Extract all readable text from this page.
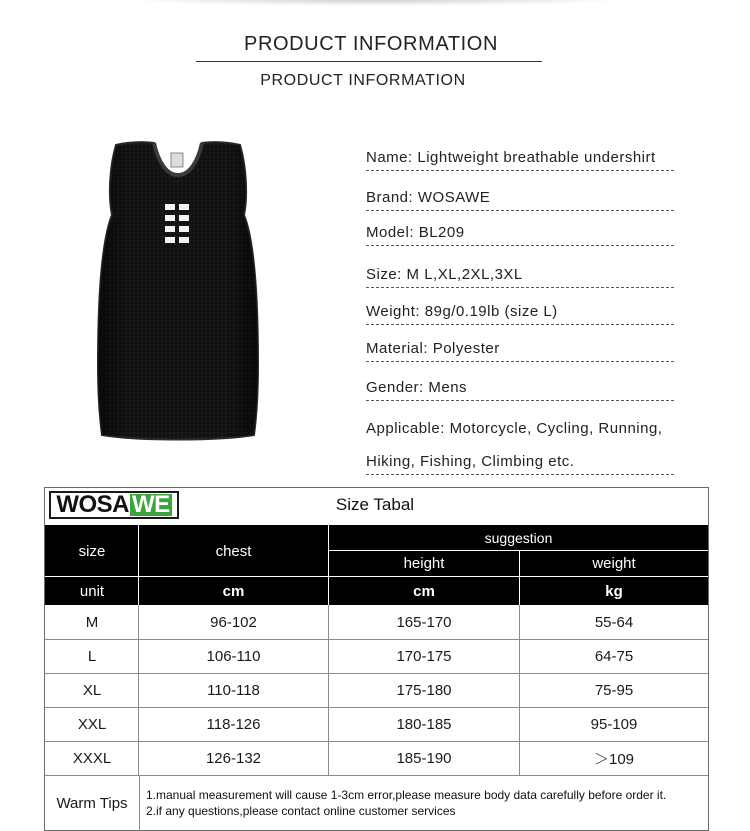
PRODUCT INFORMATION
PRODUCT INFORMATION
Name: Lightweight breathable undershirt
Brand: WOSAWE
Model: BL209
Size: M L,XL,2XL,3XL
Weight: 89g/0.19lb (size L)
Material: Polyester
Gender: Mens
Applicable: Motorcycle, Cycling, Running,
Hiking, Fishing, Climbing etc.
WOSA WE	Size Tabal
size	chest
suggestion
height	weight
unit	cm	cm	kg
M	96-102	165-170	55-64
L	106-110	170-175	64-75
XL	110-118	175-180	75-95
XXL	118-126	180-185	95-109
XXXL	126-132	185-190	＞109
Warm Tips	1.manual measurement will cause 1-3cm error,please measure body data carefully before order it.
2.if any questions,please contact online customer services
